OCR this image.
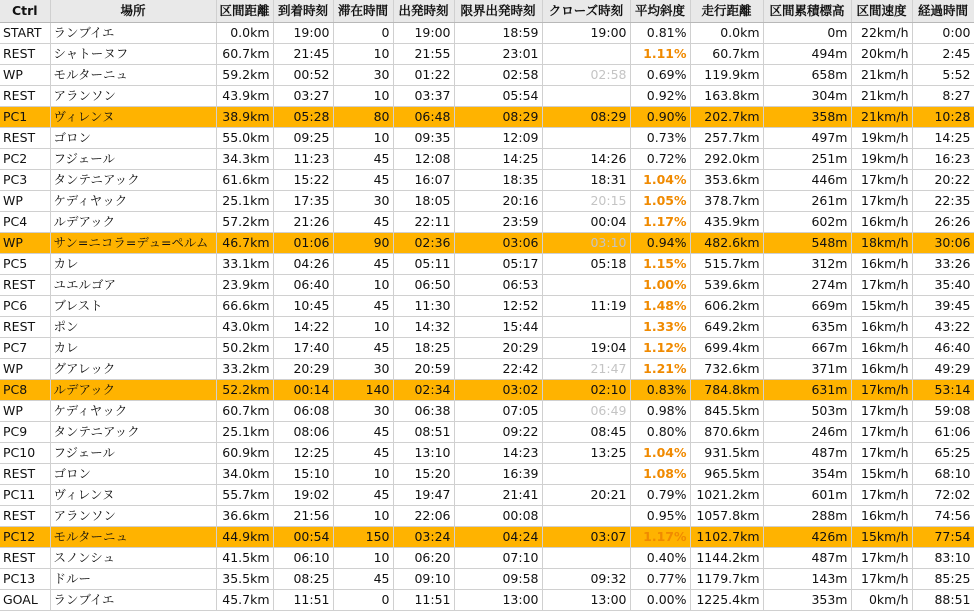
Ctrl	場所	区間距離	到着時刻	滞在時間	出発時刻	限界出発時刻	クローズ時刻	平均斜度	走行距離	区間累積標高	区間速度	経過時間
START	ランブイエ	0.0km	19:00	0	19:00	18:59	19:00	0.81%	0.0km	0m	22km/h	0:00
REST	シャトーヌフ	60.7km	21:45	10	21:55	23:01		1.11%	60.7km	494m	20km/h	2:45
WP	モルターニュ	59.2km	00:52	30	01:22	02:58	02:58	0.69%	119.9km	658m	21km/h	5:52
REST	アランソン	43.9km	03:27	10	03:37	05:54		0.92%	163.8km	304m	21km/h	8:27
PC1	ヴィレンヌ	38.9km	05:28	80	06:48	08:29	08:29	0.90%	202.7km	358m	21km/h	10:28
REST	ゴロン	55.0km	09:25	10	09:35	12:09		0.73%	257.7km	497m	19km/h	14:25
PC2	フジェール	34.3km	11:23	45	12:08	14:25	14:26	0.72%	292.0km	251m	19km/h	16:23
PC3	タンテニアック	61.6km	15:22	45	16:07	18:35	18:31	1.04%	353.6km	446m	17km/h	20:22
WP	ケディヤック	25.1km	17:35	30	18:05	20:16	20:15	1.05%	378.7km	261m	17km/h	22:35
PC4	ルデアック	57.2km	21:26	45	22:11	23:59	00:04	1.17%	435.9km	602m	16km/h	26:26
WP	サン=ニコラ=デュ=ペルム	46.7km	01:06	90	02:36	03:06	03:10	0.94%	482.6km	548m	18km/h	30:06
PC5	カレ	33.1km	04:26	45	05:11	05:17	05:18	1.15%	515.7km	312m	16km/h	33:26
REST	ユエルゴア	23.9km	06:40	10	06:50	06:53		1.00%	539.6km	274m	17km/h	35:40
PC6	ブレスト	66.6km	10:45	45	11:30	12:52	11:19	1.48%	606.2km	669m	15km/h	39:45
REST	ポン	43.0km	14:22	10	14:32	15:44		1.33%	649.2km	635m	16km/h	43:22
PC7	カレ	50.2km	17:40	45	18:25	20:29	19:04	1.12%	699.4km	667m	16km/h	46:40
WP	グアレック	33.2km	20:29	30	20:59	22:42	21:47	1.21%	732.6km	371m	16km/h	49:29
PC8	ルデアック	52.2km	00:14	140	02:34	03:02	02:10	0.83%	784.8km	631m	17km/h	53:14
WP	ケディヤック	60.7km	06:08	30	06:38	07:05	06:49	0.98%	845.5km	503m	17km/h	59:08
PC9	タンテニアック	25.1km	08:06	45	08:51	09:22	08:45	0.80%	870.6km	246m	17km/h	61:06
PC10	フジェール	60.9km	12:25	45	13:10	14:23	13:25	1.04%	931.5km	487m	17km/h	65:25
REST	ゴロン	34.0km	15:10	10	15:20	16:39		1.08%	965.5km	354m	15km/h	68:10
PC11	ヴィレンヌ	55.7km	19:02	45	19:47	21:41	20:21	0.79%	1021.2km	601m	17km/h	72:02
REST	アランソン	36.6km	21:56	10	22:06	00:08		0.95%	1057.8km	288m	16km/h	74:56
PC12	モルターニュ	44.9km	00:54	150	03:24	04:24	03:07	1.17%	1102.7km	426m	15km/h	77:54
REST	スノンシュ	41.5km	06:10	10	06:20	07:10		0.40%	1144.2km	487m	17km/h	83:10
PC13	ドルー	35.5km	08:25	45	09:10	09:58	09:32	0.77%	1179.7km	143m	17km/h	85:25
GOAL	ランブイエ	45.7km	11:51	0	11:51	13:00	13:00	0.00%	1225.4km	353m	0km/h	88:51
